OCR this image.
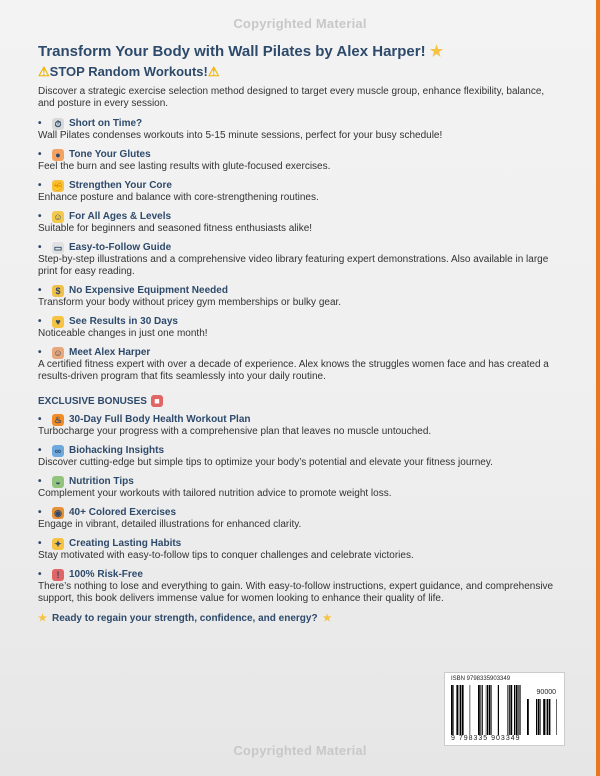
Copyrighted Material
Transform Your Body with Wall Pilates by Alex Harper! ★
⚠STOP Random Workouts!⚠
Discover a strategic exercise selection method designed to target every muscle group, enhance flexibility, balance, and posture in every session.
•	⏱ Short on Time?
Wall Pilates condenses workouts into 5-15 minute sessions, perfect for your busy schedule!
•	● Tone Your Glutes
Feel the burn and see lasting results with glute-focused exercises.
•	✊ Strengthen Your Core
Enhance posture and balance with core-strengthening routines.
•	☺ For All Ages & Levels
Suitable for beginners and seasoned fitness enthusiasts alike!
•	▭ Easy-to-Follow Guide
Step-by-step illustrations and a comprehensive video library featuring expert demonstrations. Also available in large print for easy reading.
•	$ No Expensive Equipment Needed
Transform your body without pricey gym memberships or bulky gear.
•	♥ See Results in 30 Days
Noticeable changes in just one month!
•	☺ Meet Alex Harper
A certified fitness expert with over a decade of experience. Alex knows the struggles women face and has created a results-driven program that fits seamlessly into your daily routine.
EXCLUSIVE BONUSES ■
•	♨ 30-Day Full Body Health Workout Plan
Turbocharge your progress with a comprehensive plan that leaves no muscle untouched.
•	∞ Biohacking Insights
Discover cutting-edge but simple tips to optimize your body’s potential and elevate your fitness journey.
•	◒ Nutrition Tips
Complement your workouts with tailored nutrition advice to promote weight loss.
•	◉ 40+ Colored Exercises
Engage in vibrant, detailed illustrations for enhanced clarity.
•	✦ Creating Lasting Habits
Stay motivated with easy-to-follow tips to conquer challenges and celebrate victories.
•	! 100% Risk-Free
There’s nothing to lose and everything to gain. With easy-to-follow instructions, expert guidance, and comprehensive support, this book delivers immense value for women looking to enhance their quality of life.
★ Ready to regain your strength, confidence, and energy? ★
ISBN 9798335903349
90000
9 798335 903349
Copyrighted Material
